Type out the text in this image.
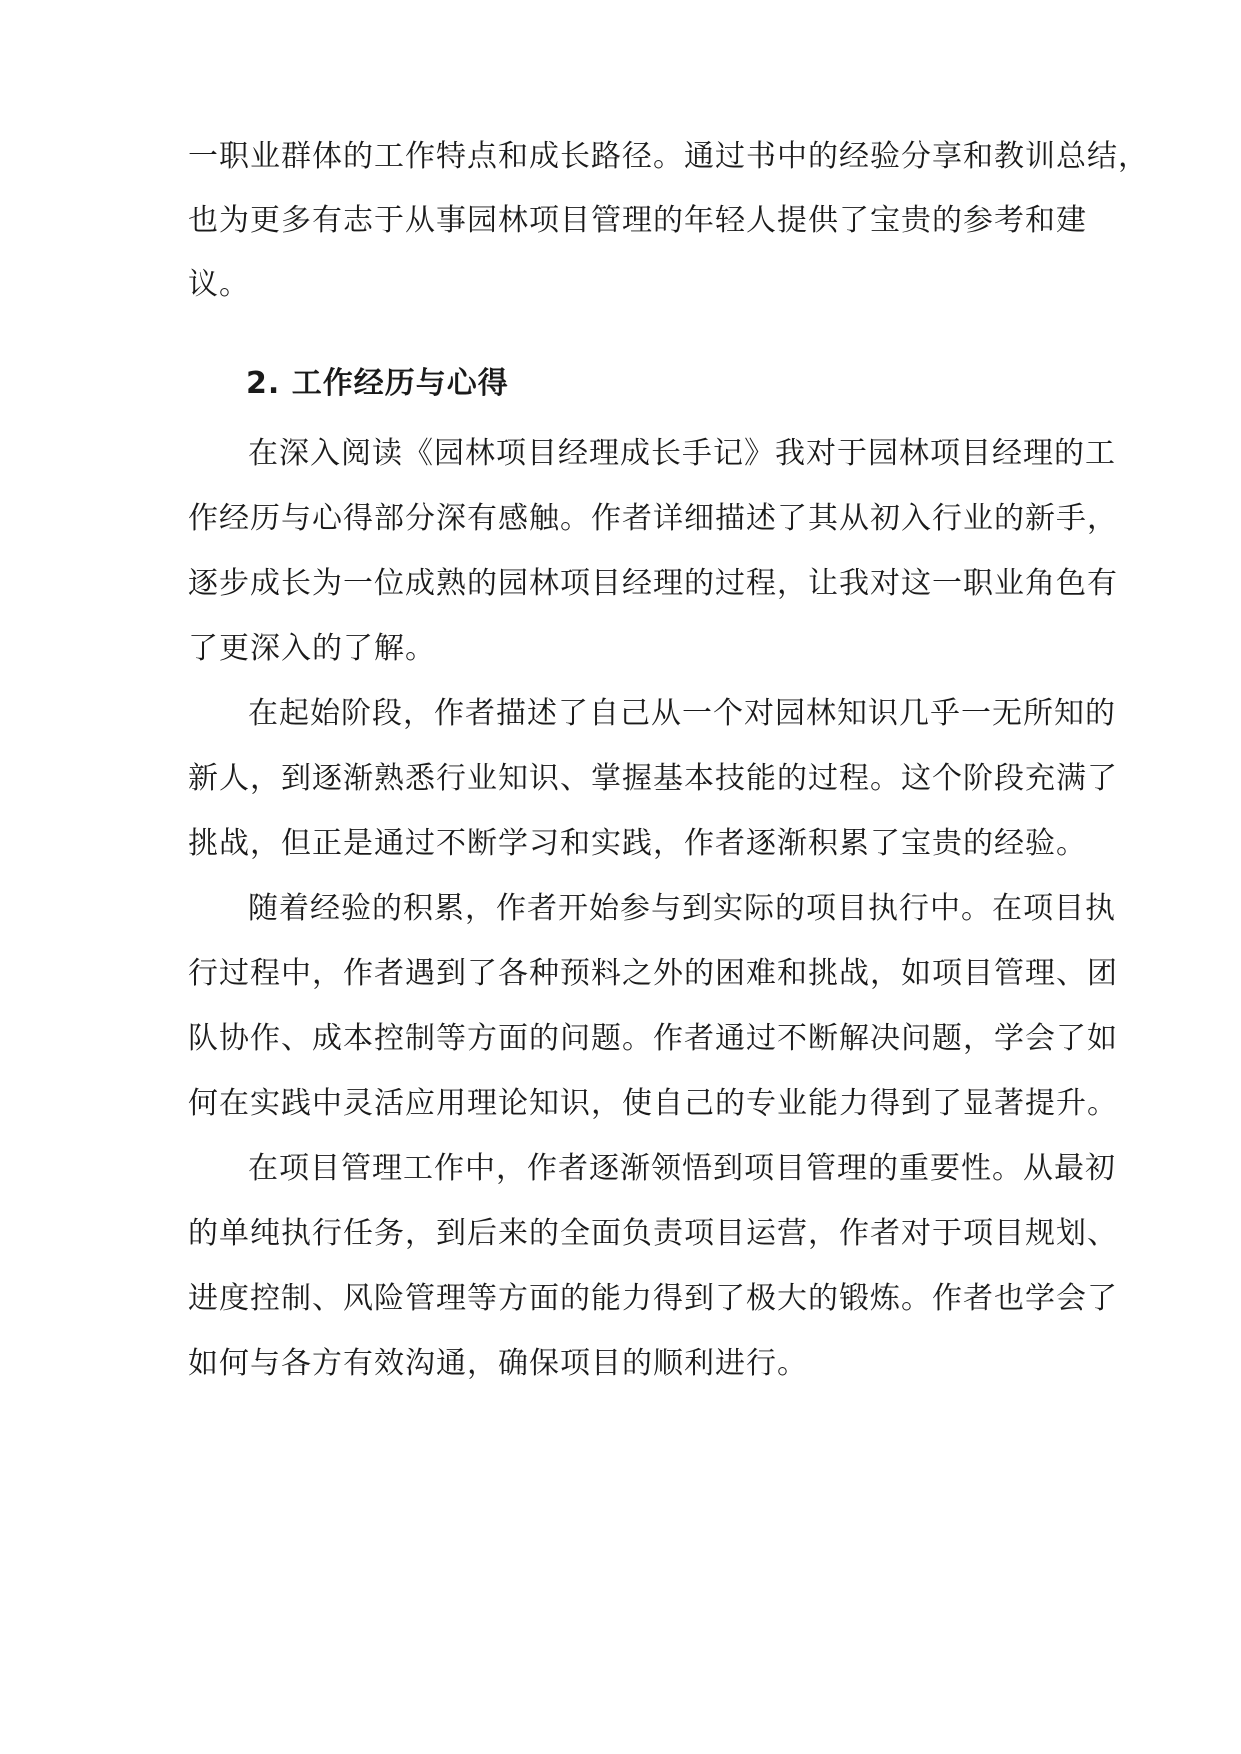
一职业群体的工作特点和成长路径。通过书中的经验分享和教训总结，

也为更多有志于从事园林项目管理的年轻人提供了宝贵的参考和建

议。

2. 工作经历与心得

在深入阅读《园林项目经理成长手记》我对于园林项目经理的工

作经历与心得部分深有感触。作者详细描述了其从初入行业的新手，

逐步成长为一位成熟的园林项目经理的过程，让我对这一职业角色有

了更深入的了解。

在起始阶段，作者描述了自己从一个对园林知识几乎一无所知的

新人，到逐渐熟悉行业知识、掌握基本技能的过程。这个阶段充满了

挑战，但正是通过不断学习和实践，作者逐渐积累了宝贵的经验。

随着经验的积累，作者开始参与到实际的项目执行中。在项目执

行过程中，作者遇到了各种预料之外的困难和挑战，如项目管理、团

队协作、成本控制等方面的问题。作者通过不断解决问题，学会了如

何在实践中灵活应用理论知识，使自己的专业能力得到了显著提升。

在项目管理工作中，作者逐渐领悟到项目管理的重要性。从最初

的单纯执行任务，到后来的全面负责项目运营，作者对于项目规划、

进度控制、风险管理等方面的能力得到了极大的锻炼。作者也学会了

如何与各方有效沟通，确保项目的顺利进行。
